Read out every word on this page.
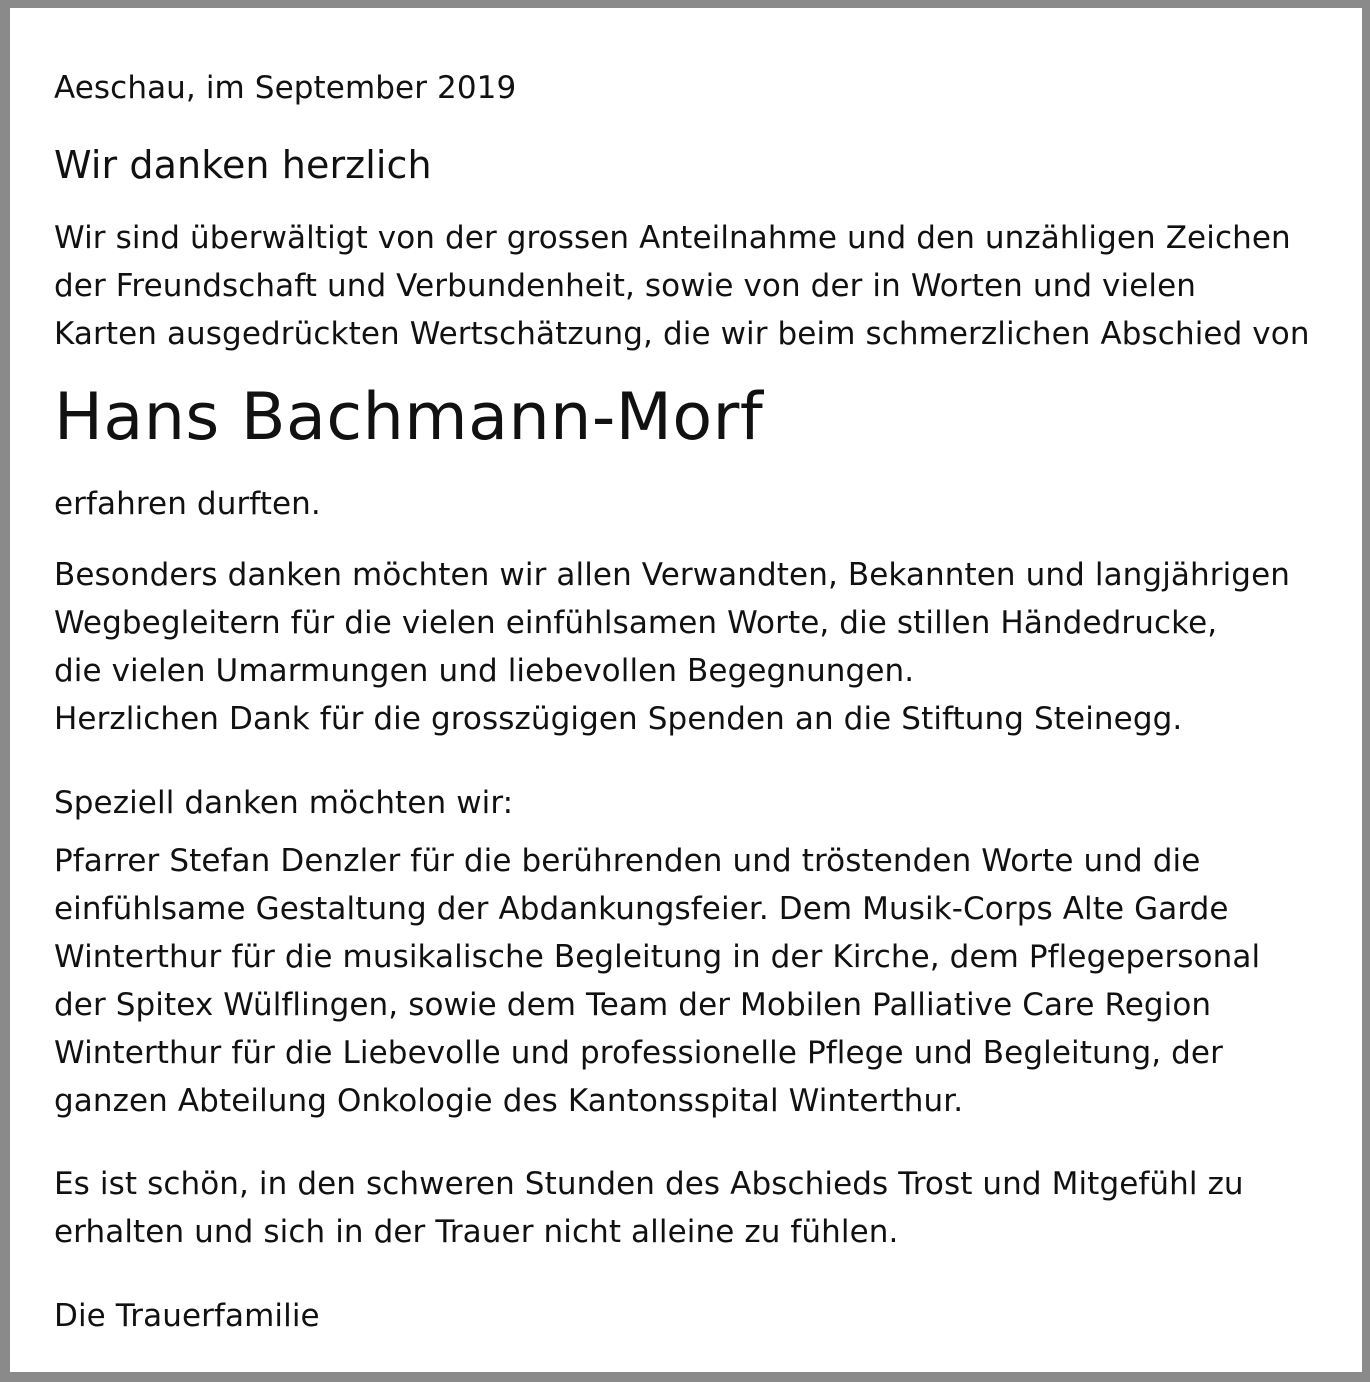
Aeschau, im September 2019

Wir danken herzlich

Wir sind überwältigt von der grossen Anteilnahme und den unzähligen Zeichen

der Freundschaft und Verbundenheit, sowie von der in Worten und vielen

Karten ausgedrückten Wertschätzung, die wir beim schmerzlichen Abschied von

Hans Bachmann-Morf

erfahren durften.

Besonders danken möchten wir allen Verwandten, Bekannten und langjährigen

Wegbegleitern für die vielen einfühlsamen Worte, die stillen Händedrucke,

die vielen Umarmungen und liebevollen Begegnungen.

Herzlichen Dank für die grosszügigen Spenden an die Stiftung Steinegg.

Speziell danken möchten wir:

Pfarrer Stefan Denzler für die berührenden und tröstenden Worte und die

einfühlsame Gestaltung der Abdankungsfeier. Dem Musik-Corps Alte Garde

Winterthur für die musikalische Begleitung in der Kirche, dem Pflegepersonal

der Spitex Wülflingen, sowie dem Team der Mobilen Palliative Care Region

Winterthur für die Liebevolle und professionelle Pflege und Begleitung, der

ganzen Abteilung Onkologie des Kantonsspital Winterthur.

Es ist schön, in den schweren Stunden des Abschieds Trost und Mitgefühl zu

erhalten und sich in der Trauer nicht alleine zu fühlen.

Die Trauerfamilie
